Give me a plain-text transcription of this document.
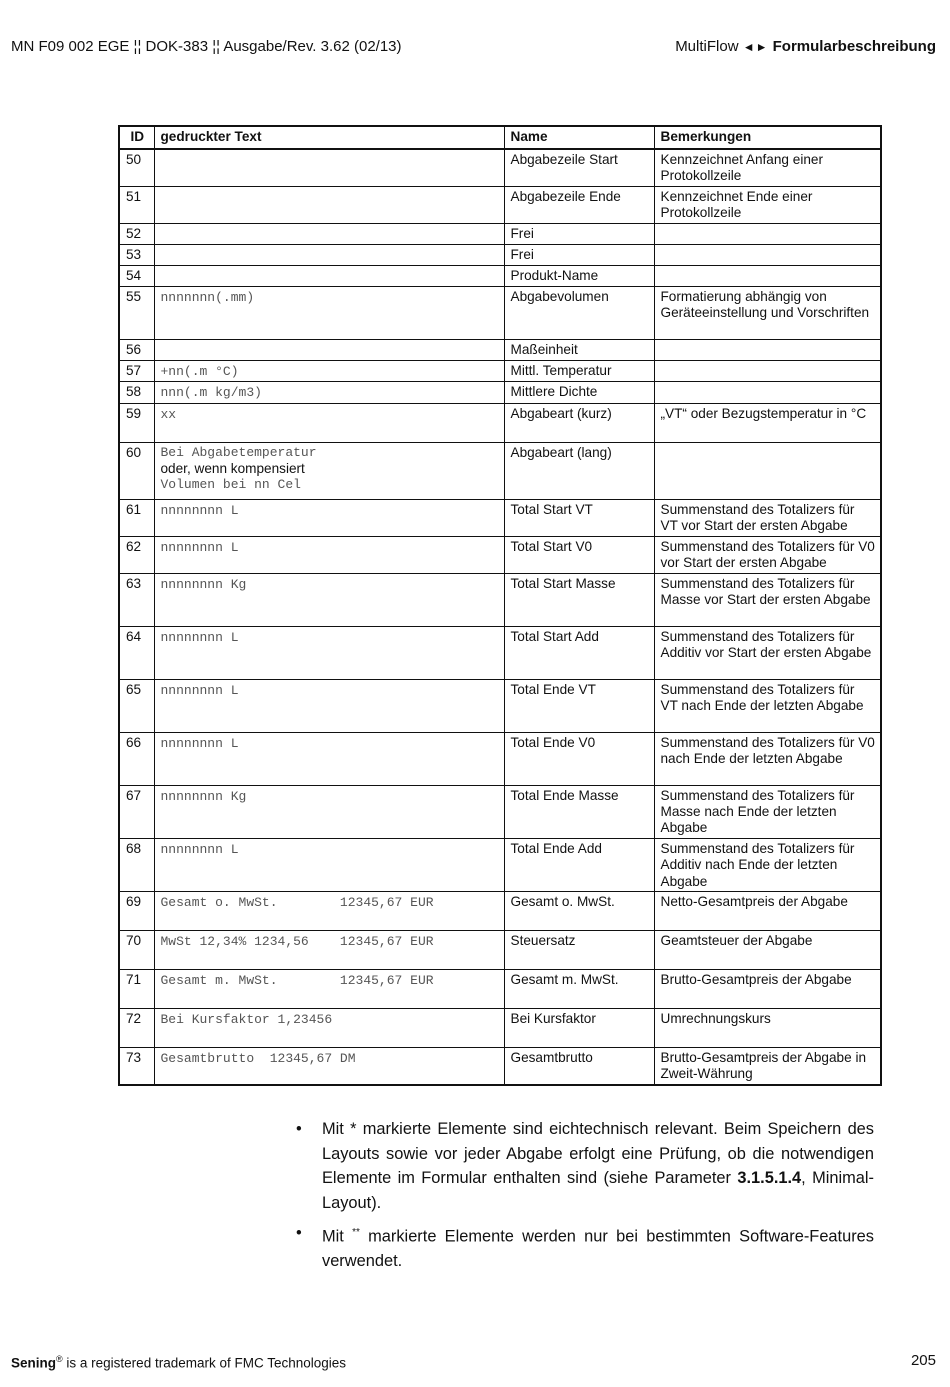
MN F09 002 EGE ¦¦ DOK-383 ¦¦ Ausgabe/Rev. 3.62 (02/13)	MultiFlow ◄► Formularbeschreibung
ID	gedruckter Text	Name	Bemerkungen
50		Abgabezeile Start	Kennzeichnet Anfang einer Protokollzeile
51		Abgabezeile Ende	Kennzeichnet Ende einer Protokollzeile
52		Frei	
53		Frei	
54		Produkt-Name	
55	nnnnnnn(.mm)	Abgabevolumen	Formatierung abhängig von Geräteeinstellung und Vorschriften
56		Maßeinheit	
57	+nn(.m °C)	Mittl. Temperatur	
58	nnn(.m kg/m3)	Mittlere Dichte	
59	xx	Abgabeart (kurz)	„VT“ oder Bezugstemperatur in °C
60	Bei Abgabetemperatur
oder, wenn kompensiert
Volumen bei nn Cel	Abgabeart (lang)	
61	nnnnnnnn L	Total Start VT	Summenstand des Totalizers für VT vor Start der ersten Abgabe
62	nnnnnnnn L	Total Start V0	Summenstand des Totalizers für V0 vor Start der ersten Abgabe
63	nnnnnnnn Kg	Total Start Masse	Summenstand des Totalizers für Masse vor Start der ersten Abgabe
64	nnnnnnnn L	Total Start Add	Summenstand des Totalizers für Additiv vor Start der ersten Abgabe
65	nnnnnnnn L	Total Ende VT	Summenstand des Totalizers für VT nach Ende der letzten Abgabe
66	nnnnnnnn L	Total Ende V0	Summenstand des Totalizers für V0 nach Ende der letzten Abgabe
67	nnnnnnnn Kg	Total Ende Masse	Summenstand des Totalizers für Masse nach Ende der letzten Abgabe
68	nnnnnnnn L	Total Ende Add	Summenstand des Totalizers für Additiv nach Ende der letzten Abgabe
69	Gesamt o. MwSt.        12345,67 EUR	Gesamt o. MwSt.	Netto-Gesamtpreis der Abgabe
70	MwSt 12,34% 1234,56    12345,67 EUR	Steuersatz	Geamtsteuer der Abgabe
71	Gesamt m. MwSt.        12345,67 EUR	Gesamt m. MwSt.	Brutto-Gesamtpreis der Abgabe
72	Bei Kursfaktor 1,23456	Bei Kursfaktor	Umrechnungskurs
73	Gesamtbrutto  12345,67 DM	Gesamtbrutto	Brutto-Gesamtpreis der Abgabe in Zweit-Währung
• Mit * markierte Elemente sind eichtechnisch relevant. Beim Speichern des Layouts sowie vor jeder Abgabe erfolgt eine Prüfung, ob die notwendigen Elemente im Formular enthalten sind (siehe Parameter 3.1.5.1.4, Minimal-Layout).
• Mit ** markierte Elemente werden nur bei bestimmten Software-Features verwendet.
Sening® is a registered trademark of FMC Technologies	205
